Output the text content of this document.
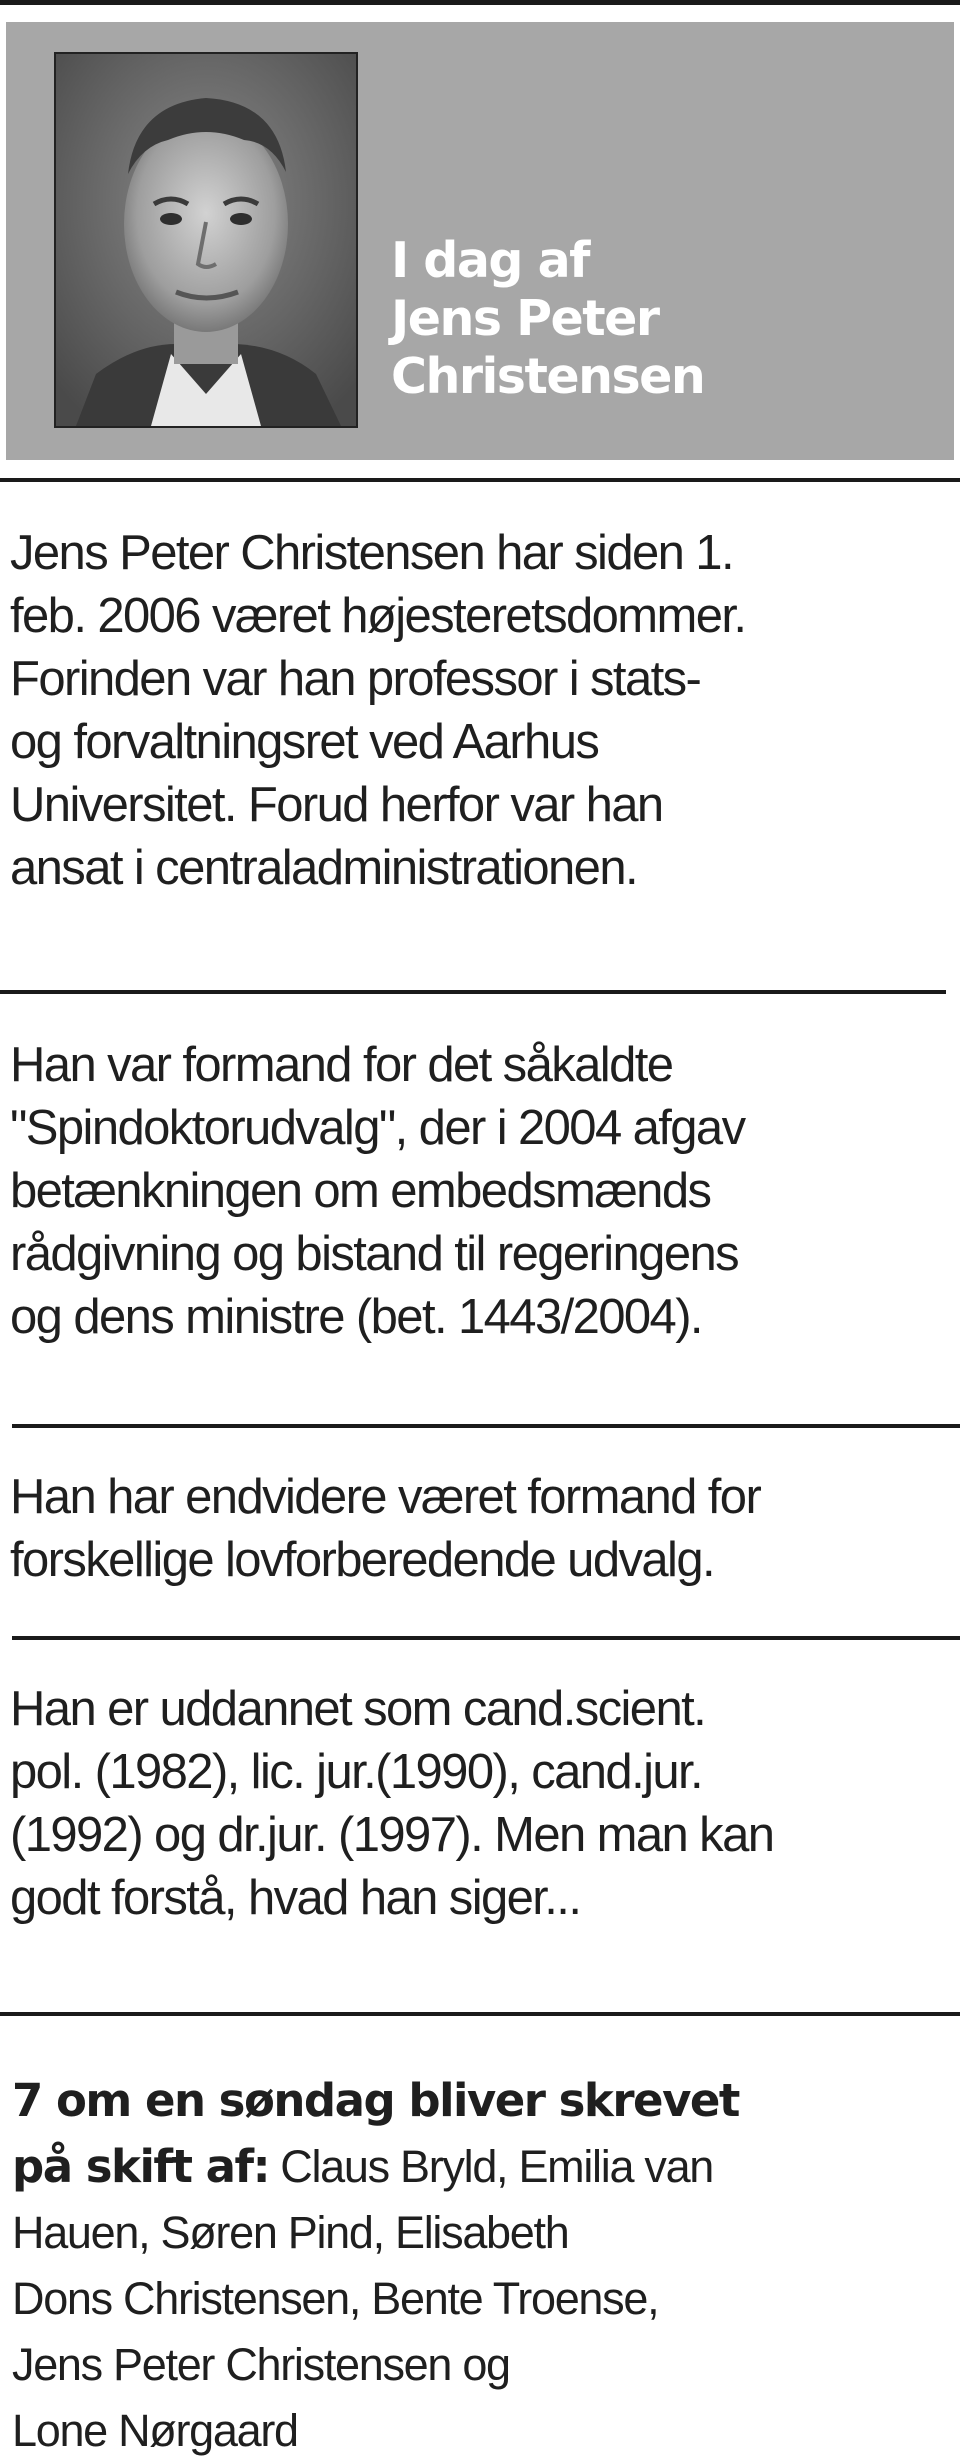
I dag af
Jens Peter
Christensen
Jens Peter Christensen har siden 1.
feb. 2006 været højesteretsdommer.
Forinden var han professor i stats-
og forvaltningsret ved Aarhus
Universitet. Forud herfor var han
ansat i centraladministrationen.
Han var formand for det såkaldte
"Spindoktorudvalg", der i 2004 afgav
betænkningen om embedsmænds
rådgivning og bistand til regeringens
og dens ministre (bet. 1443/2004).
Han har endvidere været formand for
forskellige lovforberedende udvalg.
Han er uddannet som cand.scient.
pol. (1982), lic. jur.(1990), cand.jur.
(1992) og dr.jur. (1997). Men man kan
godt forstå, hvad han siger...
7 om en søndag bliver skrevet
på skift af: Claus Bryld, Emilia van
Hauen, Søren Pind, Elisabeth
Dons Christensen, Bente Troense,
Jens Peter Christensen og
Lone Nørgaard
